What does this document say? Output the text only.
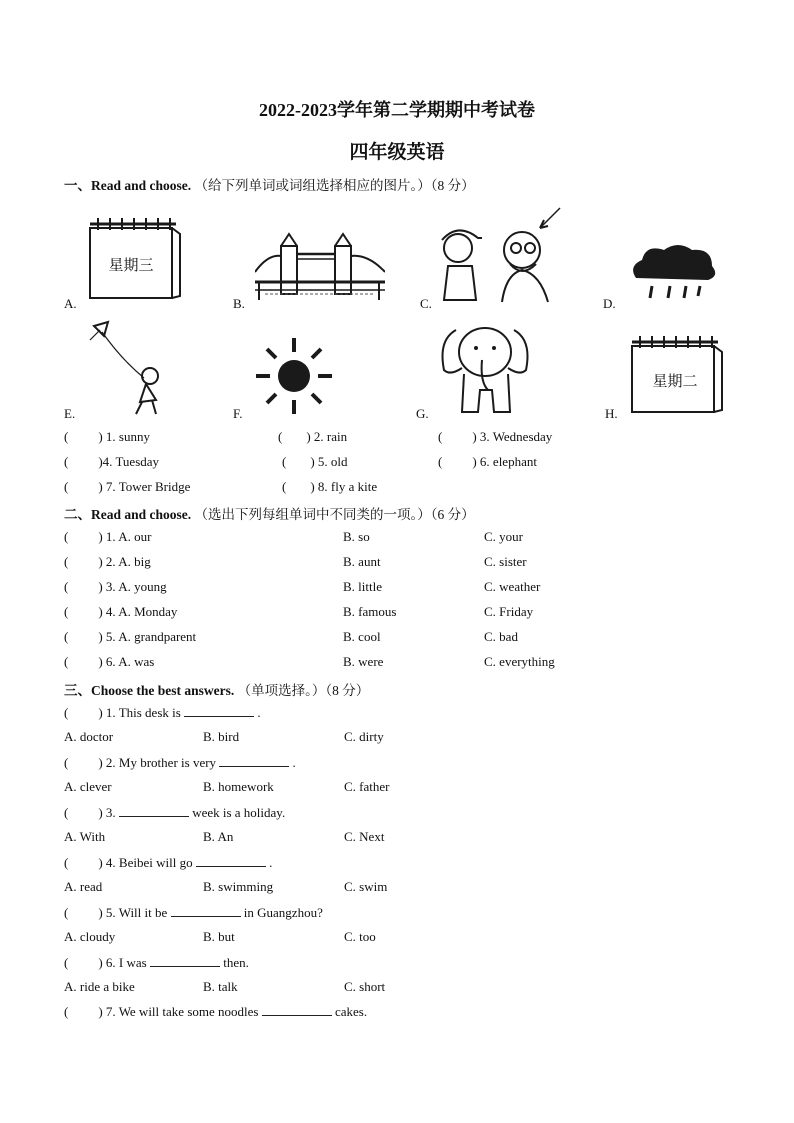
2022-2023学年第二学期期中考试卷
四年级英语
一、Read and choose. （给下列单词或词组选择相应的图片。）（8 分）
A.
星期三
B.	C.	D.
E.	F.	G.	H.
星期二
( ) 1. sunny	( ) 2. rain	( ) 3. Wednesday
( )4. Tuesday	( ) 5. old	( ) 6. elephant
( ) 7. Tower Bridge	( ) 8. fly a kite
二、Read and choose. （选出下列每组单词中不同类的一项。）（6 分）
( ) 1. A. our	B. so	C. your
( ) 2. A. big	B. aunt	C. sister
( ) 3. A. young	B. little	C. weather
( ) 4. A. Monday	B. famous	C. Friday
( ) 5. A. grandparent	B. cool	C. bad
( ) 6. A. was	B. were	C. everything
三、Choose the best answers. （单项选择。）（8 分）
( ) 1. This desk is	.
A. doctor	B. bird	C. dirty
( ) 2. My brother is very	.
A. clever	B. homework	C. father
( ) 3.	week is a holiday.
A. With	B. An	C. Next
( ) 4. Beibei will go	.
A. read	B. swimming	C. swim
( ) 5. Will it be	in Guangzhou?
A. cloudy	B. but	C. too
( ) 6. I was	then.
A. ride a bike	B. talk	C. short
( ) 7. We will take some noodles	cakes.
